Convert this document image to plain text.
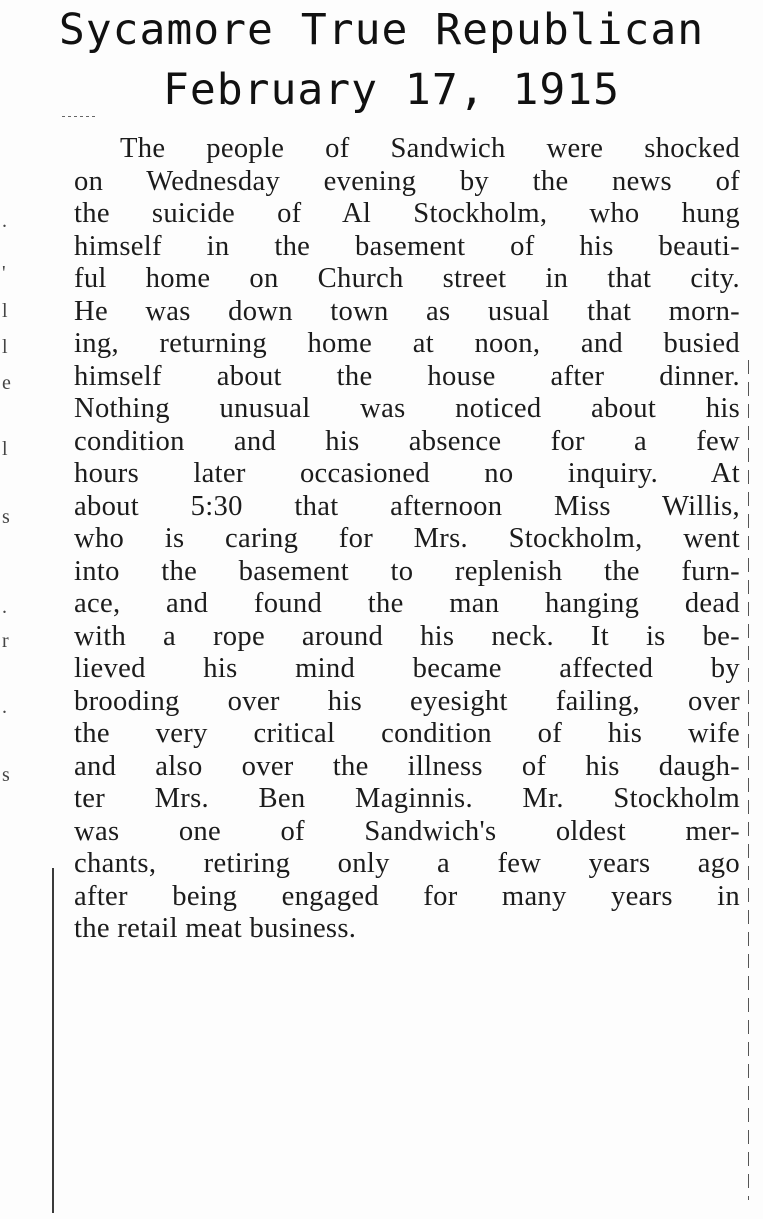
Sycamore True Republican
February 17, 1915
.
'
l
l
e
l
s
.
r
.
s
The people of Sandwich were shocked
on Wednesday evening by the news of
the suicide of Al Stockholm, who hung
himself in the basement of his beauti-
ful home on Church street in that city.
He was down town as usual that morn-
ing, returning home at noon, and busied
himself about the house after dinner.
Nothing unusual was noticed about his
condition and his absence for a few
hours later occasioned no inquiry. At
about 5:30 that afternoon Miss Willis,
who is caring for Mrs. Stockholm, went
into the basement to replenish the furn-
ace, and found the man hanging dead
with a rope around his neck. It is be-
lieved his mind became affected by
brooding over his eyesight failing, over
the very critical condition of his wife
and also over the illness of his daugh-
ter Mrs. Ben Maginnis. Mr. Stockholm
was one of Sandwich's oldest mer-
chants, retiring only a few years ago
after being engaged for many years in
the retail meat business.
